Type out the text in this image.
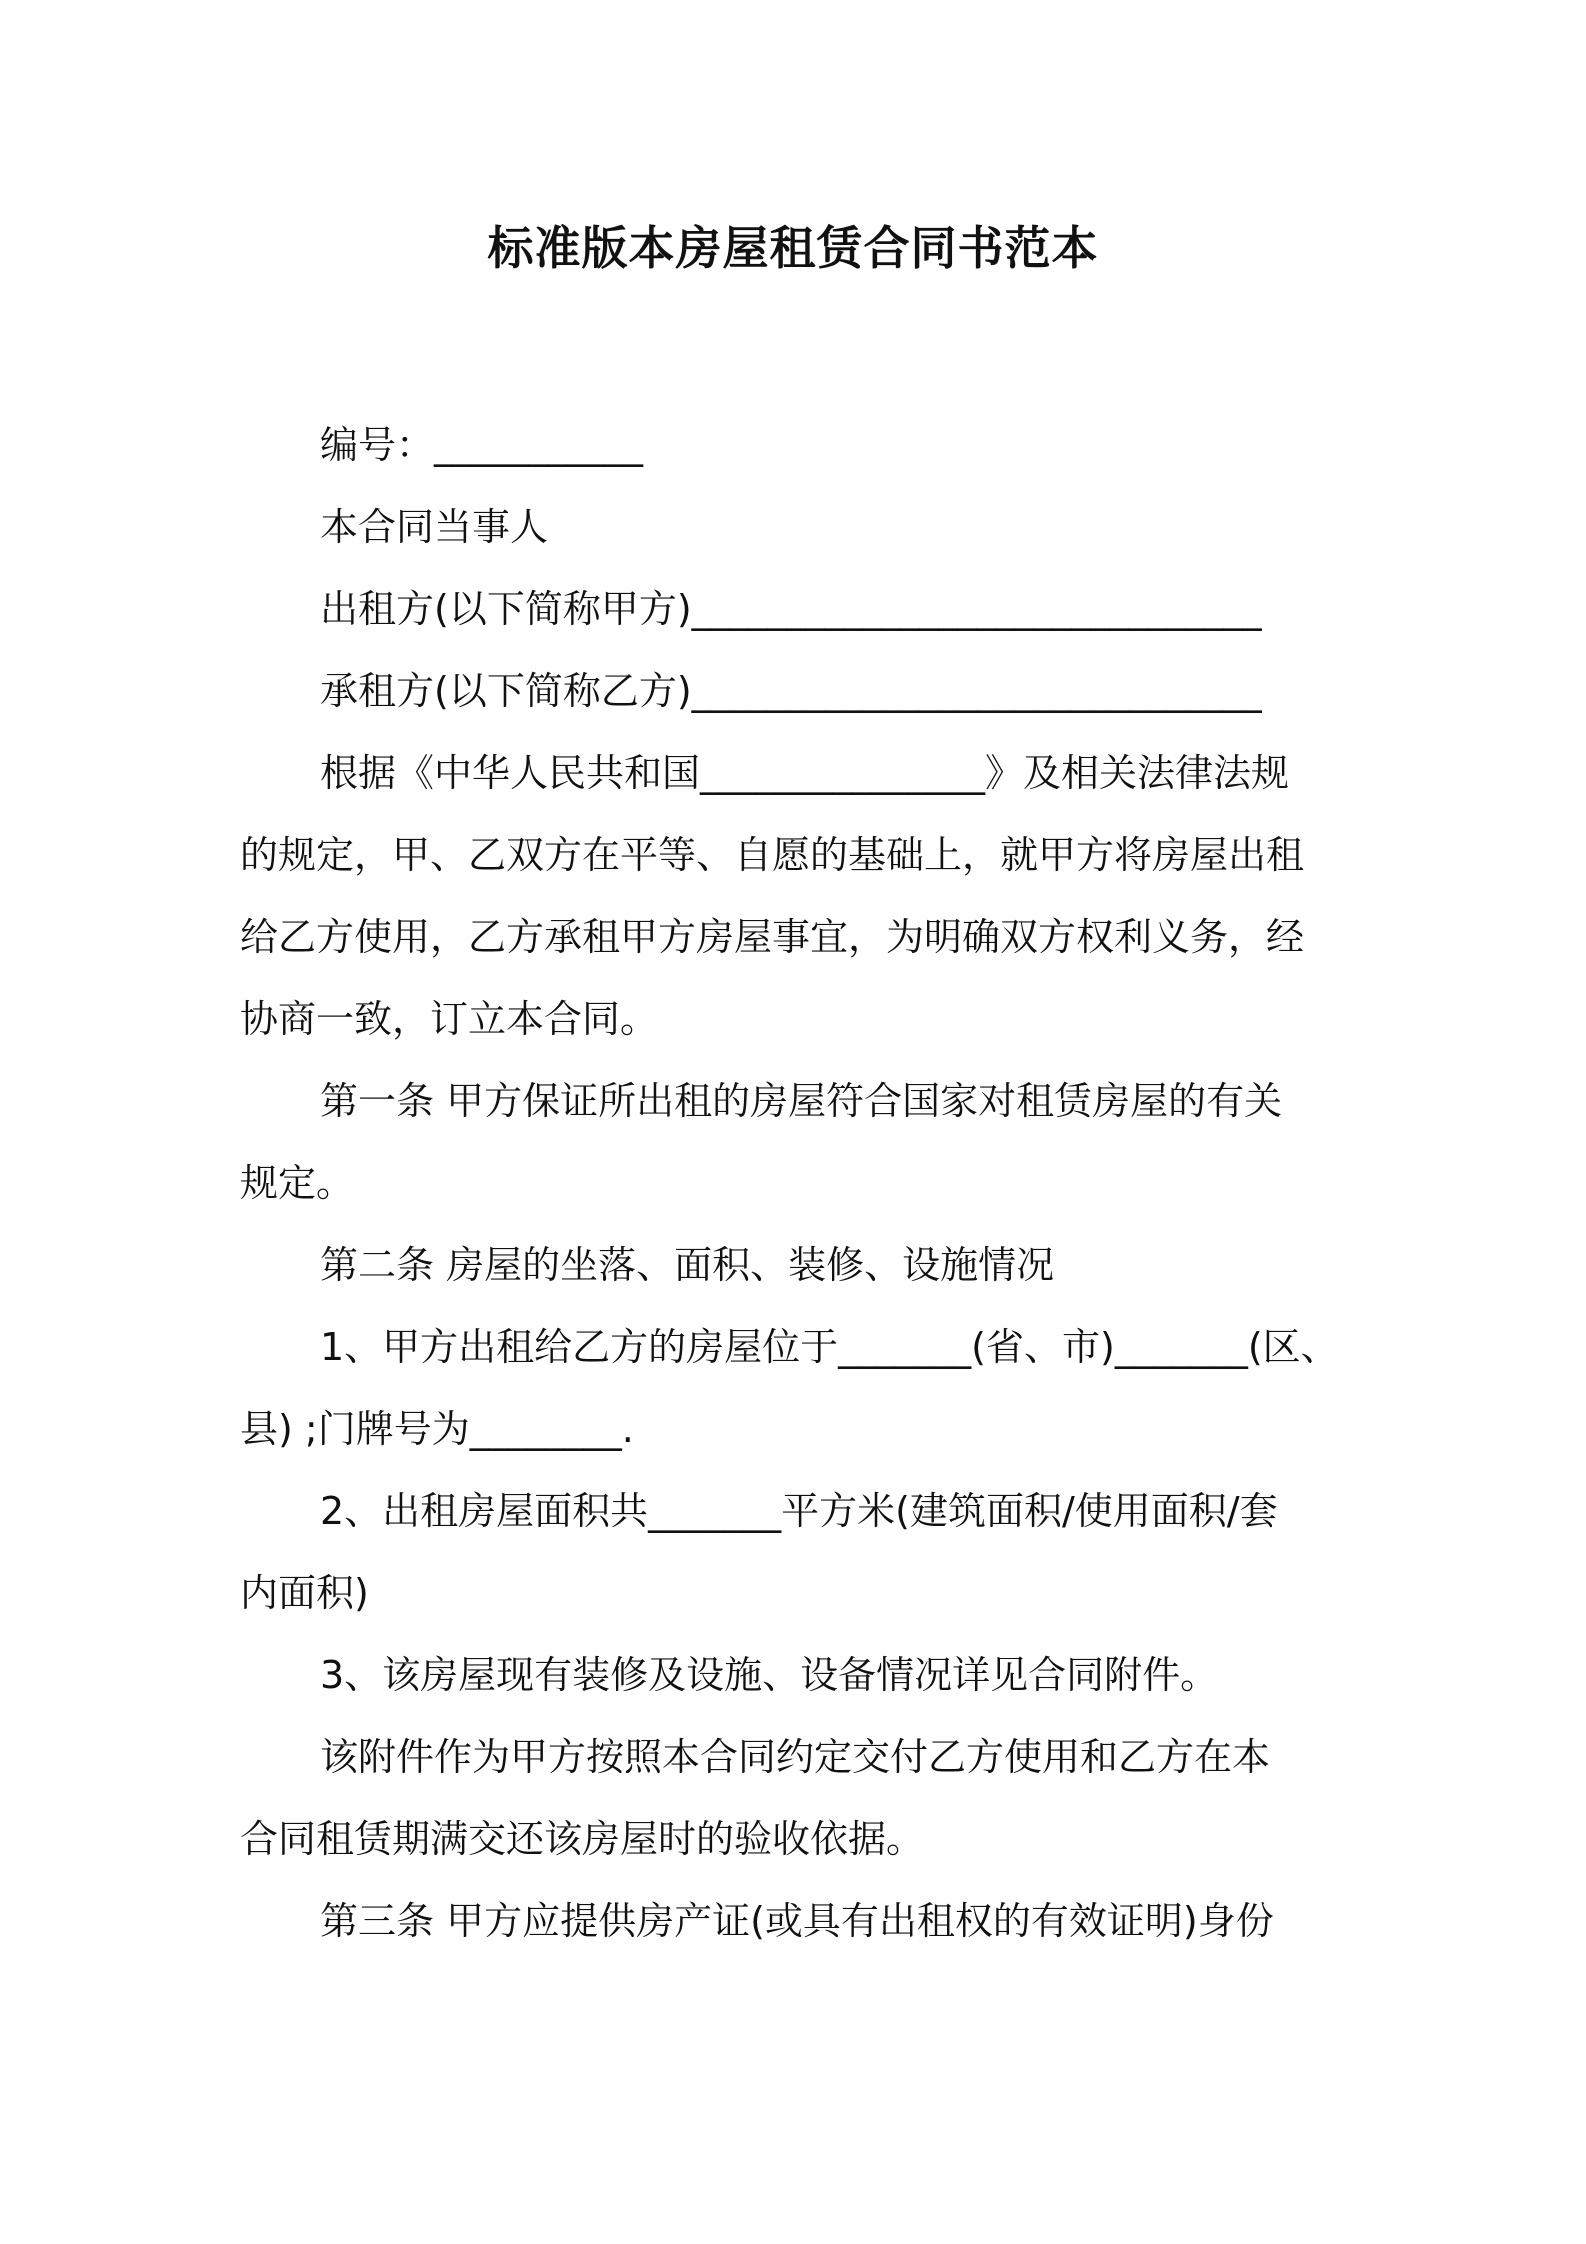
标准版本房屋租赁合同书范本
编号：___________
本合同当事人
出租方(以下简称甲方)______________________________
承租方(以下简称乙方)______________________________
根据《中华人民共和国_______________》及相关法律法规
的规定，甲、乙双方在平等、自愿的基础上，就甲方将房屋出租
给乙方使用，乙方承租甲方房屋事宜，为明确双方权利义务，经
协商一致，订立本合同。
第一条 甲方保证所出租的房屋符合国家对租赁房屋的有关
规定。
第二条 房屋的坐落、面积、装修、设施情况
1、甲方出租给乙方的房屋位于_______(省、市)_______(区、
县) ;门牌号为________.
2、出租房屋面积共_______平方米(建筑面积/使用面积/套
内面积)
3、该房屋现有装修及设施、设备情况详见合同附件。
该附件作为甲方按照本合同约定交付乙方使用和乙方在本
合同租赁期满交还该房屋时的验收依据。
第三条 甲方应提供房产证(或具有出租权的有效证明)身份
